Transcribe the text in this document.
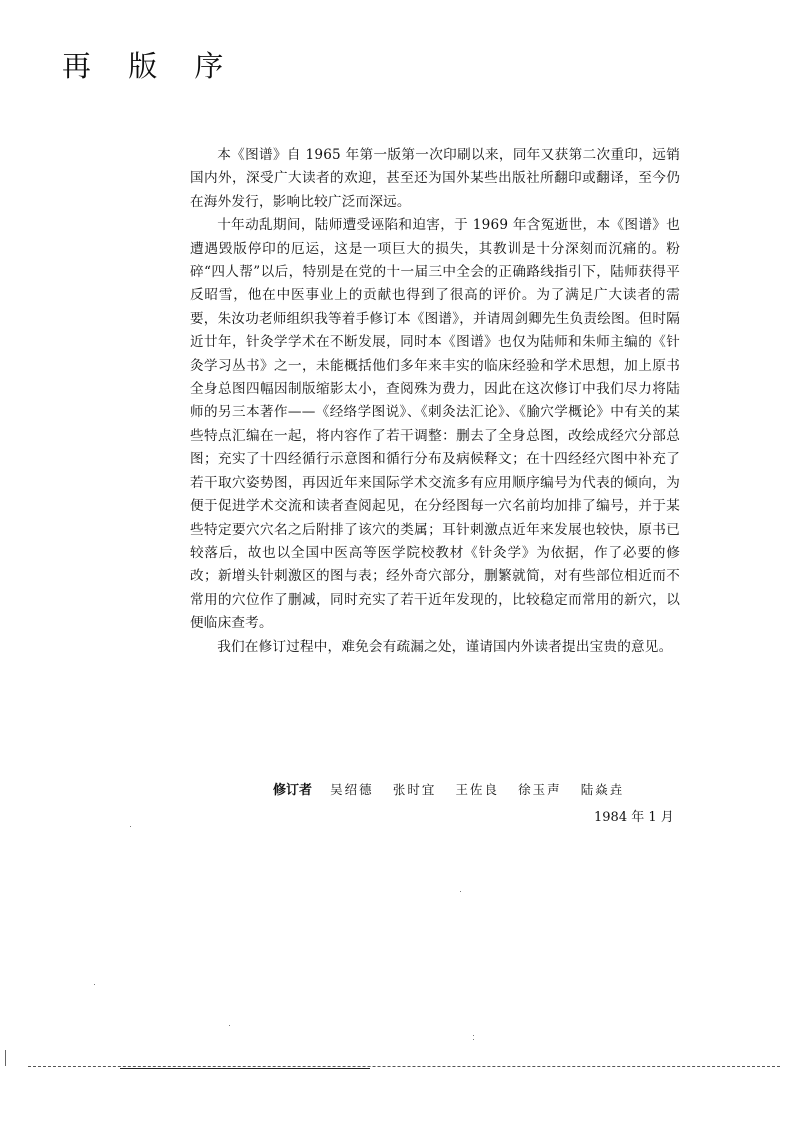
再 版 序

本《图谱》自 1965 年第一版第一次印刷以来，同年又获第二次重印，远销国内外，深受广大读者的欢迎，甚至还为国外某些出版社所翻印或翻译，至今仍在海外发行，影响比较广泛而深远。

十年动乱期间，陆师遭受诬陷和迫害，于 1969 年含冤逝世，本《图谱》也遭遇毁版停印的厄运，这是一项巨大的损失，其教训是十分深刻而沉痛的。粉碎“四人帮”以后，特别是在党的十一届三中全会的正确路线指引下，陆师获得平反昭雪，他在中医事业上的贡献也得到了很高的评价。为了满足广大读者的需要，朱汝功老师组织我等着手修订本《图谱》，并请周剑卿先生负责绘图。但时隔近廿年，针灸学学术在不断发展，同时本《图谱》也仅为陆师和朱师主编的《针灸学习丛书》之一，未能概括他们多年来丰实的临床经验和学术思想，加上原书全身总图四幅因制版缩影太小，查阅殊为费力，因此在这次修订中我们尽力将陆师的另三本著作——《经络学图说》、《刺灸法汇论》、《腧穴学概论》中有关的某些特点汇编在一起，将内容作了若干调整：删去了全身总图，改绘成经穴分部总图；充实了十四经循行示意图和循行分布及病候释文；在十四经经穴图中补充了若干取穴姿势图，再因近年来国际学术交流多有应用顺序编号为代表的倾向，为便于促进学术交流和读者查阅起见，在分经图每一穴名前均加排了编号，并于某些特定要穴穴名之后附排了该穴的类属；耳针刺激点近年来发展也较快，原书已较落后，故也以全国中医高等医学院校教材《针灸学》为依据，作了必要的修改；新增头针刺激区的图与表；经外奇穴部分，删繁就简，对有些部位相近而不常用的穴位作了删减，同时充实了若干近年发现的，比较稳定而常用的新穴，以便临床查考。

我们在修订过程中，难免会有疏漏之处，谨请国内外读者提出宝贵的意见。

修订者 吴绍德 张时宜 王佐良 徐玉声 陆焱垚
1984 年 1 月
